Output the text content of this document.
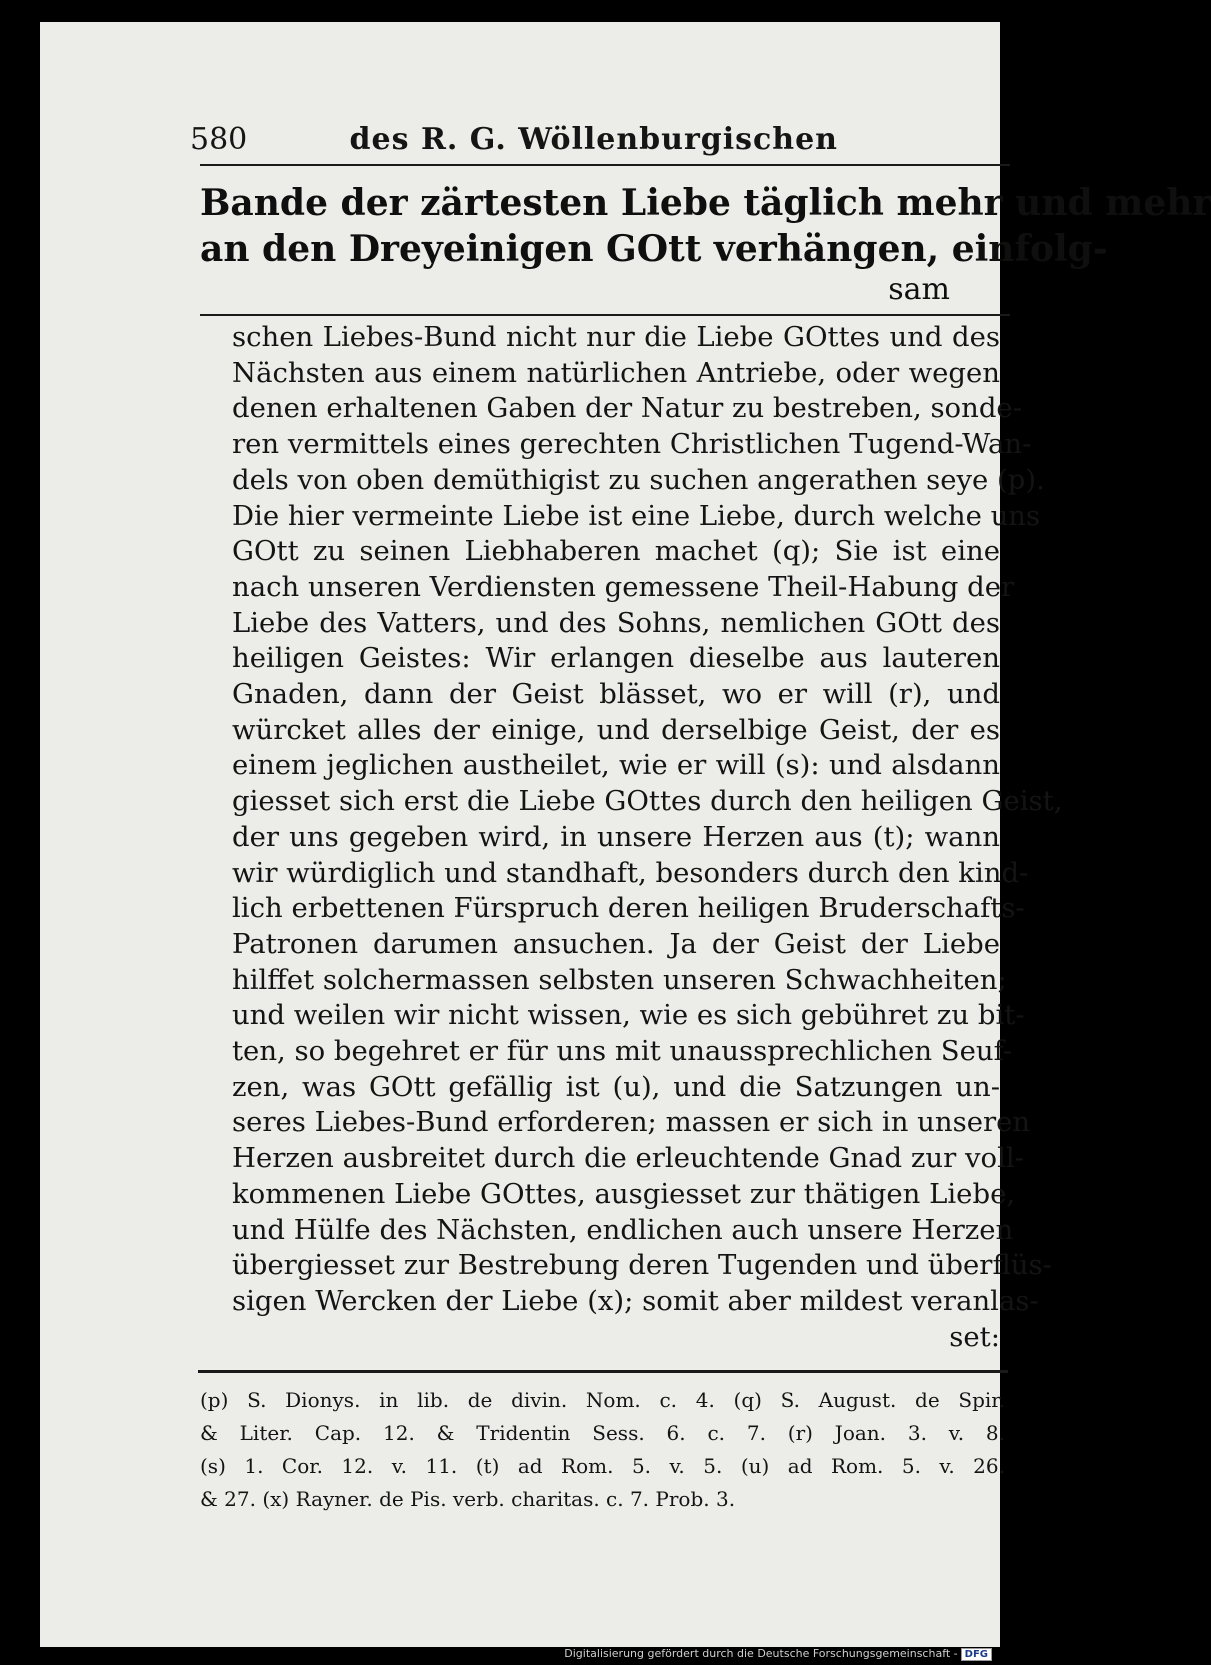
580	des R. G. Wöllenburgischen
Bande der zärtesten Liebe täglich mehr und mehr
an den Dreyeinigen GOtt verhängen, einfolg-
sam
schen Liebes-Bund nicht nur die Liebe GOttes und des
Nächsten aus einem natürlichen Antriebe, oder wegen
denen erhaltenen Gaben der Natur zu bestreben, sonde-
ren vermittels eines gerechten Christlichen Tugend-Wan-
dels von oben demüthigist zu suchen angerathen seye (p).
Die hier vermeinte Liebe ist eine Liebe, durch welche uns
GOtt zu seinen Liebhaberen machet (q); Sie ist eine
nach unseren Verdiensten gemessene Theil-Habung der
Liebe des Vatters, und des Sohns, nemlichen GOtt des
heiligen Geistes: Wir erlangen dieselbe aus lauteren
Gnaden, dann der Geist blässet, wo er will (r), und
würcket alles der einige, und derselbige Geist, der es
einem jeglichen austheilet, wie er will (s): und alsdann
giesset sich erst die Liebe GOttes durch den heiligen Geist,
der uns gegeben wird, in unsere Herzen aus (t); wann
wir würdiglich und standhaft, besonders durch den kind-
lich erbettenen Fürspruch deren heiligen Bruderschafts-
Patronen darumen ansuchen. Ja der Geist der Liebe
hilffet solchermassen selbsten unseren Schwachheiten;
und weilen wir nicht wissen, wie es sich gebühret zu bit-
ten, so begehret er für uns mit unaussprechlichen Seuf-
zen, was GOtt gefällig ist (u), und die Satzungen un-
seres Liebes-Bund erforderen; massen er sich in unseren
Herzen ausbreitet durch die erleuchtende Gnad zur voll-
kommenen Liebe GOttes, ausgiesset zur thätigen Liebe,
und Hülfe des Nächsten, endlichen auch unsere Herzen
übergiesset zur Bestrebung deren Tugenden und überflüs-
sigen Wercken der Liebe (x); somit aber mildest veranlas-
set:
(p) S. Dionys. in lib. de divin. Nom. c. 4. (q) S. August. de Spir.
& Liter. Cap. 12. & Tridentin Sess. 6. c. 7. (r) Joan. 3. v. 8.
(s) 1. Cor. 12. v. 11. (t) ad Rom. 5. v. 5. (u) ad Rom. 5. v. 26.
& 27. (x) Rayner. de Pis. verb. charitas. c. 7. Prob. 3.
Digitalisierung gefördert durch die Deutsche Forschungsgemeinschaft - DFG
